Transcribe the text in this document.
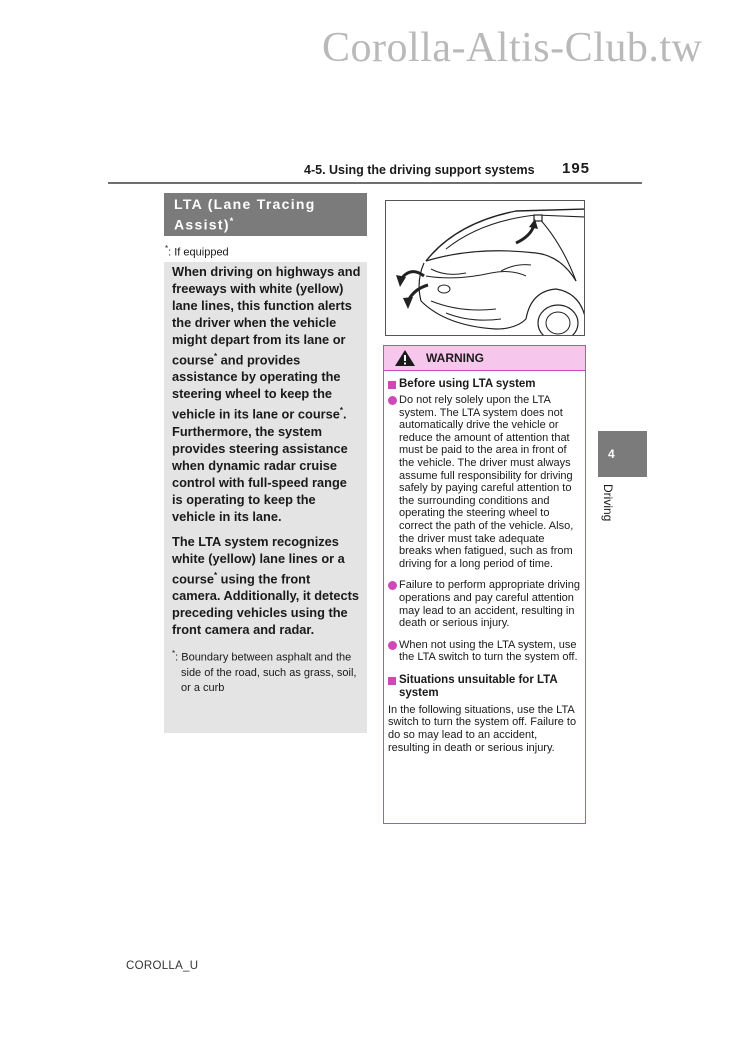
Corolla-Altis-Club.tw
4-5. Using the driving support systems 195
LTA (Lane Tracing Assist)*
*: If equipped

When driving on highways and freeways with white (yellow) lane lines, this function alerts the driver when the vehicle might depart from its lane or course* and provides assistance by operating the steering wheel to keep the vehicle in its lane or course*. Furthermore, the system provides steering assistance when dynamic radar cruise control with full-speed range is operating to keep the vehicle in its lane.

The LTA system recognizes white (yellow) lane lines or a course* using the front camera. Additionally, it detects preceding vehicles using the front camera and radar.

*: Boundary between asphalt and the side of the road, such as grass, soil, or a curb

WARNING
Before using LTA system
Do not rely solely upon the LTA system. The LTA system does not automatically drive the vehicle or reduce the amount of attention that must be paid to the area in front of the vehicle. The driver must always assume full responsibility for driving safely by paying careful attention to the surrounding conditions and operating the steering wheel to correct the path of the vehicle. Also, the driver must take adequate breaks when fatigued, such as from driving for a long period of time.
Failure to perform appropriate driving operations and pay careful attention may lead to an accident, resulting in death or serious injury.
When not using the LTA system, use the LTA switch to turn the system off.
Situations unsuitable for LTA system
In the following situations, use the LTA switch to turn the system off. Failure to do so may lead to an accident, resulting in death or serious injury.
4
Driving
COROLLA_U
